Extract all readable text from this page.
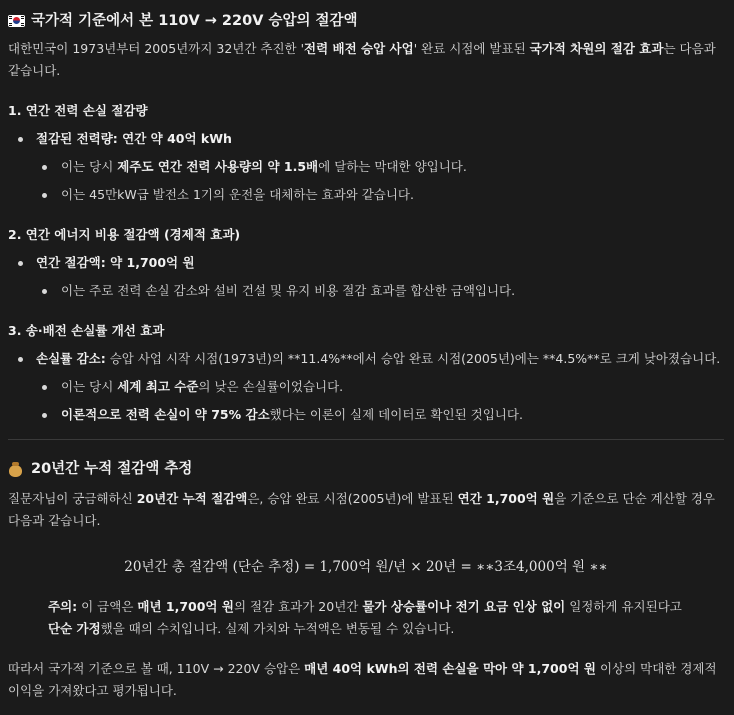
국가적 기준에서 본 110V → 220V 승압의 절감액

대한민국이 1973년부터 2005년까지 32년간 추진한 '전력 배전 승압 사업' 완료 시점에 발표된 국가적 차원의 절감 효과는 다음과 같습니다.

1. 연간 전력 손실 절감량
절감된 전력량: 연간 약 40억 kWh
이는 당시 제주도 연간 전력 사용량의 약 1.5배에 달하는 막대한 양입니다.
이는 45만kW급 발전소 1기의 운전을 대체하는 효과와 같습니다.
2. 연간 에너지 비용 절감액 (경제적 효과)
연간 절감액: 약 1,700억 원
이는 주로 전력 손실 감소와 설비 건설 및 유지 비용 절감 효과를 합산한 금액입니다.
3. 송·배전 손실률 개선 효과
손실률 감소: 승압 사업 시작 시점(1973년)의 **11.4%**에서 승압 완료 시점(2005년)에는 **4.5%**로 크게 낮아졌습니다.
이는 당시 세계 최고 수준의 낮은 손실률이었습니다.
이론적으로 전력 손실이 약 75% 감소했다는 이론이 실제 데이터로 확인된 것입니다.
20년간 누적 절감액 추정

질문자님이 궁금해하신 20년간 누적 절감액은, 승압 완료 시점(2005년)에 발표된 연간 1,700억 원을 기준으로 단순 계산할 경우 다음과 같습니다.

20년간 총 절감액 (단순 추정) = 1,700억 원/년 × 20년 = ∗∗3조4,000억 원 ∗∗

주의: 이 금액은 매년 1,700억 원의 절감 효과가 20년간 물가 상승률이나 전기 요금 인상 없이 일정하게 유지된다고 단순 가정했을 때의 수치입니다. 실제 가치와 누적액은 변동될 수 있습니다.

따라서 국가적 기준으로 볼 때, 110V → 220V 승압은 매년 40억 kWh의 전력 손실을 막아 약 1,700억 원 이상의 막대한 경제적 이익을 가져왔다고 평가됩니다.
